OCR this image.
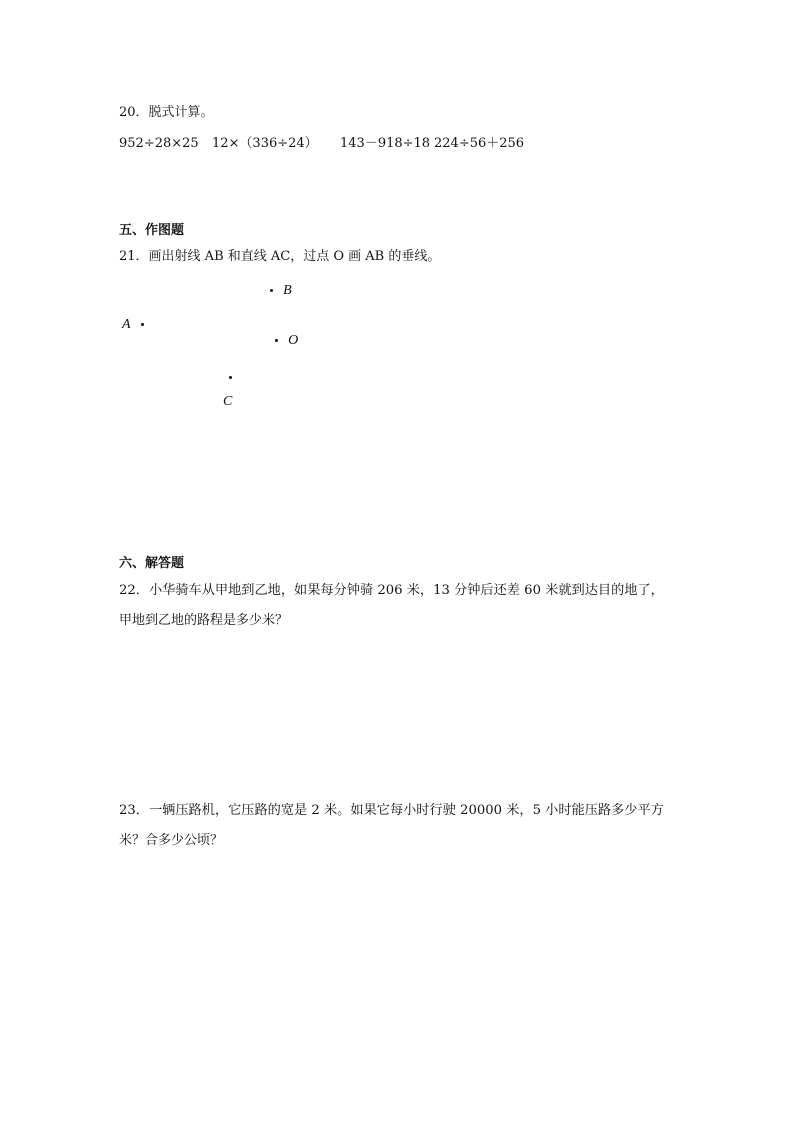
20．脱式计算。
952÷28×25 12×（336÷24） 143－918÷18 224÷56＋256
五、作图题
21．画出射线 AB 和直线 AC，过点 O 画 AB 的垂线。
B
A
O
C
六、解答题
22．小华骑车从甲地到乙地，如果每分钟骑 206 米，13 分钟后还差 60 米就到达目的地了，
甲地到乙地的路程是多少米？
23．一辆压路机，它压路的宽是 2 米。如果它每小时行驶 20000 米，5 小时能压路多少平方
米？合多少公顷？
